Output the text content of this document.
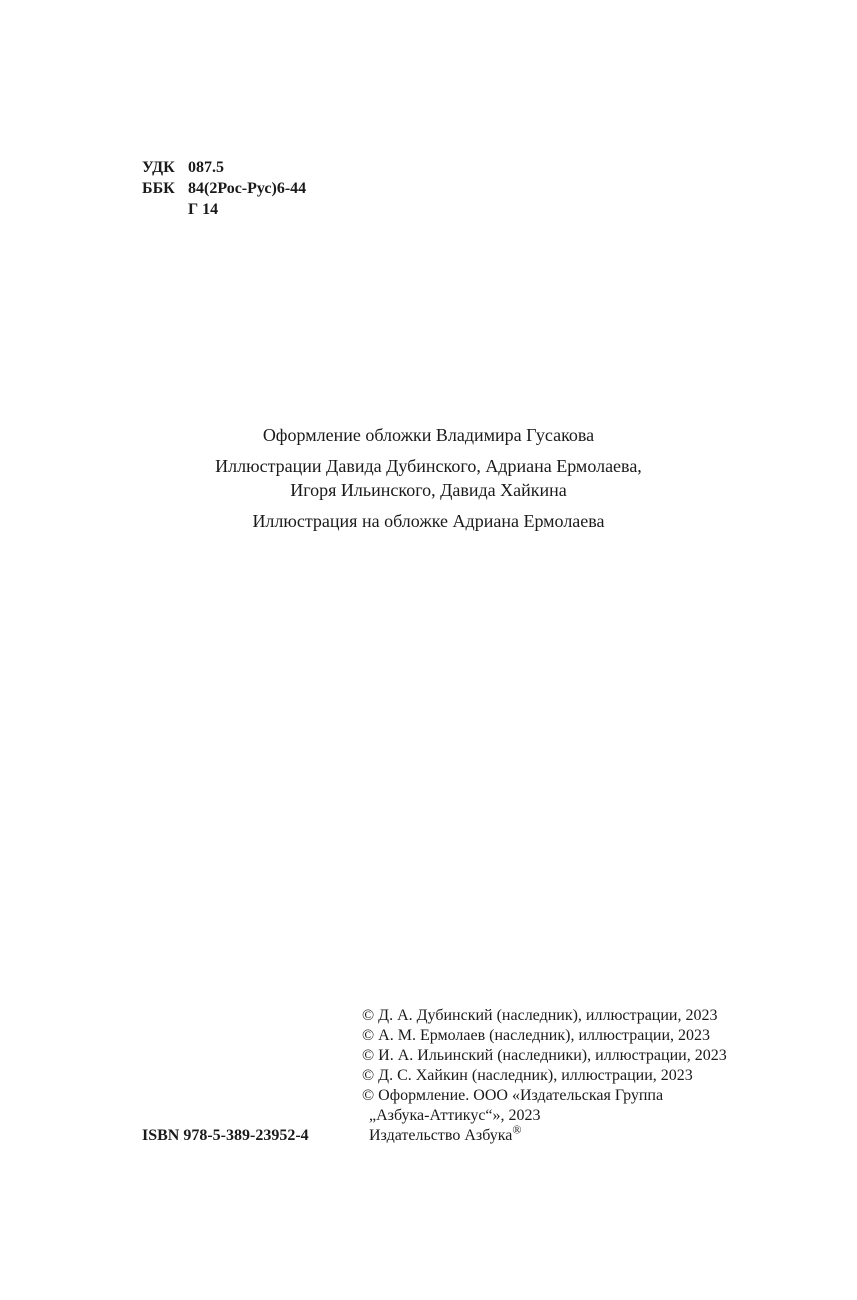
УДК 087.5
ББК 84(2Рос-Рус)6-44
Г 14
Оформление обложки Владимира Гусакова
Иллюстрации Давида Дубинского, Адриана Ермолаева,
Игоря Ильинского, Давида Хайкина
Иллюстрация на обложке Адриана Ермолаева
ISBN 978-5-389-23952-4
© Д. А. Дубинский (наследник), иллюстрации, 2023
© А. М. Ермолаев (наследник), иллюстрации, 2023
© И. А. Ильинский (наследники), иллюстрации, 2023
© Д. С. Хайкин (наследник), иллюстрации, 2023
© Оформление. ООО «Издательская Группа
„Азбука-Аттикус“», 2023
Издательство Азбука®
